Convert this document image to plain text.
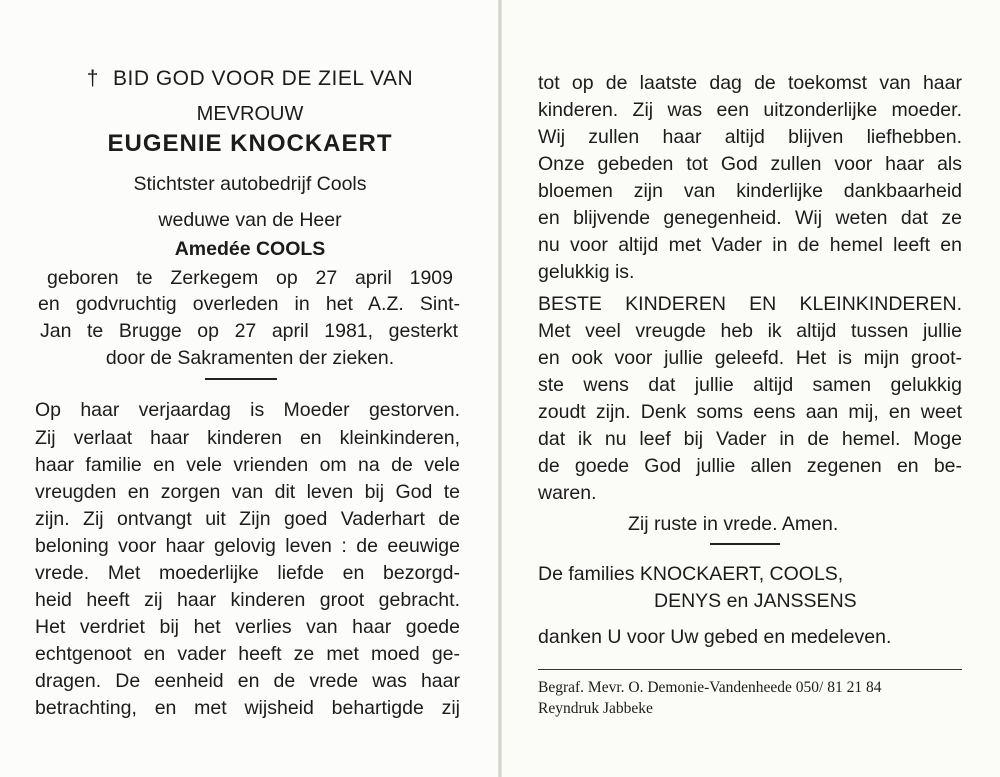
† BID GOD VOOR DE ZIEL VAN
MEVROUW
EUGENIE KNOCKAERT
Stichtster autobedrijf Cools
weduwe van de Heer
Amedée COOLS
geboren te Zerkegem op 27 april 1909
en godvruchtig overleden in het A.Z. Sint-
Jan te Brugge op 27 april 1981, gesterkt
door de Sakramenten der zieken.
Op haar verjaardag is Moeder gestorven.
Zij verlaat haar kinderen en kleinkinderen,
haar familie en vele vrienden om na de vele
vreugden en zorgen van dit leven bij God te
zijn. Zij ontvangt uit Zijn goed Vaderhart de
beloning voor haar gelovig leven : de eeuwige
vrede. Met moederlijke liefde en bezorgd-
heid heeft zij haar kinderen groot gebracht.
Het verdriet bij het verlies van haar goede
echtgenoot en vader heeft ze met moed ge-
dragen. De eenheid en de vrede was haar
betrachting, en met wijsheid behartigde zij
tot op de laatste dag de toekomst van haar
kinderen. Zij was een uitzonderlijke moeder.
Wij zullen haar altijd blijven liefhebben.
Onze gebeden tot God zullen voor haar als
bloemen zijn van kinderlijke dankbaarheid
en blijvende genegenheid. Wij weten dat ze
nu voor altijd met Vader in de hemel leeft en
gelukkig is.
BESTE KINDEREN EN KLEINKINDEREN.
Met veel vreugde heb ik altijd tussen jullie
en ook voor jullie geleefd. Het is mijn groot-
ste wens dat jullie altijd samen gelukkig
zoudt zijn. Denk soms eens aan mij, en weet
dat ik nu leef bij Vader in de hemel. Moge
de goede God jullie allen zegenen en be-
waren.
Zij ruste in vrede. Amen.
De families KNOCKAERT, COOLS,
DENYS en JANSSENS
danken U voor Uw gebed en medeleven.
Begraf. Mevr. O. Demonie-Vandenheede 050/ 81 21 84
Reyndruk Jabbeke
